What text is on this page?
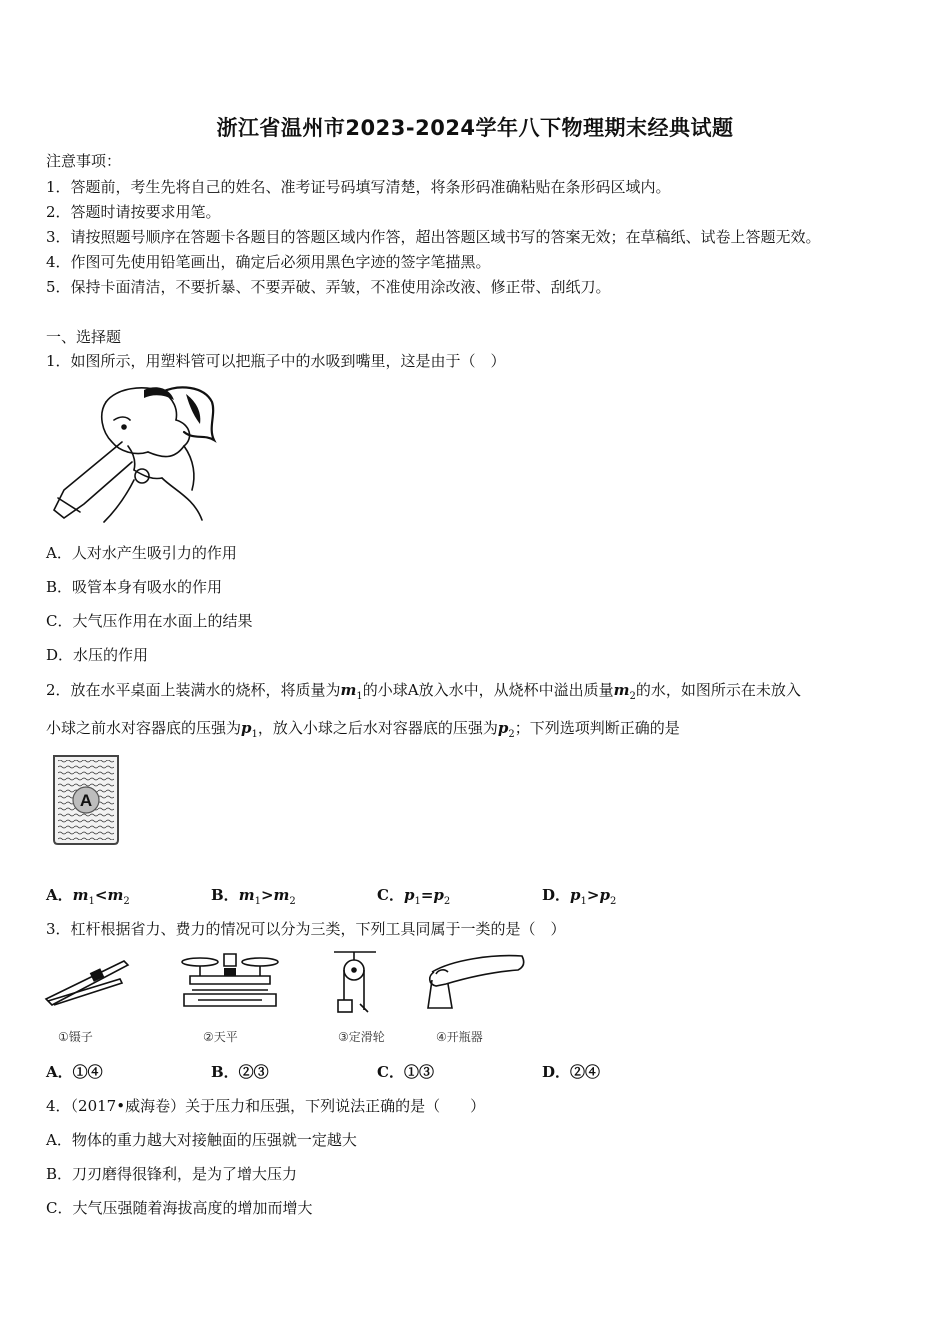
浙江省温州市2023-2024学年八下物理期末经典试题
注意事项：
1．答题前，考生先将自己的姓名、准考证号码填写清楚，将条形码准确粘贴在条形码区域内。
2．答题时请按要求用笔。
3．请按照题号顺序在答题卡各题目的答题区域内作答，超出答题区域书写的答案无效；在草稿纸、试卷上答题无效。
4．作图可先使用铅笔画出，确定后必须用黑色字迹的签字笔描黑。
5．保持卡面清洁，不要折暴、不要弄破、弄皱，不准使用涂改液、修正带、刮纸刀。
一、选择题
1．如图所示，用塑料管可以把瓶子中的水吸到嘴里，这是由于（　）
A．人对水产生吸引力的作用
B．吸管本身有吸水的作用
C．大气压作用在水面上的结果
D．水压的作用
2．放在水平桌面上装满水的烧杯，将质量为$m_1$的小球A放入水中，从烧杯中溢出质量$m_2$的水，如图所示在未放入
小球之前水对容器底的压强为$p_1$，放入小球之后水对容器底的压强为$p_2$；下列选项判断正确的是
A
A．$m_1<m_2$	B．$m_1>m_2$	C．$p_1=p_2$	D．$p_1>p_2$
3．杠杆根据省力、费力的情况可以分为三类，下列工具同属于一类的是（　）
①镊子	②天平	③定滑轮	④开瓶器
A．①④	B．②③	C．①③	D．②④
4．（2017•威海卷）关于压力和压强，下列说法正确的是（　　）
A．物体的重力越大对接触面的压强就一定越大
B．刀刃磨得很锋利，是为了增大压力
C．大气压强随着海拔高度的增加而增大
